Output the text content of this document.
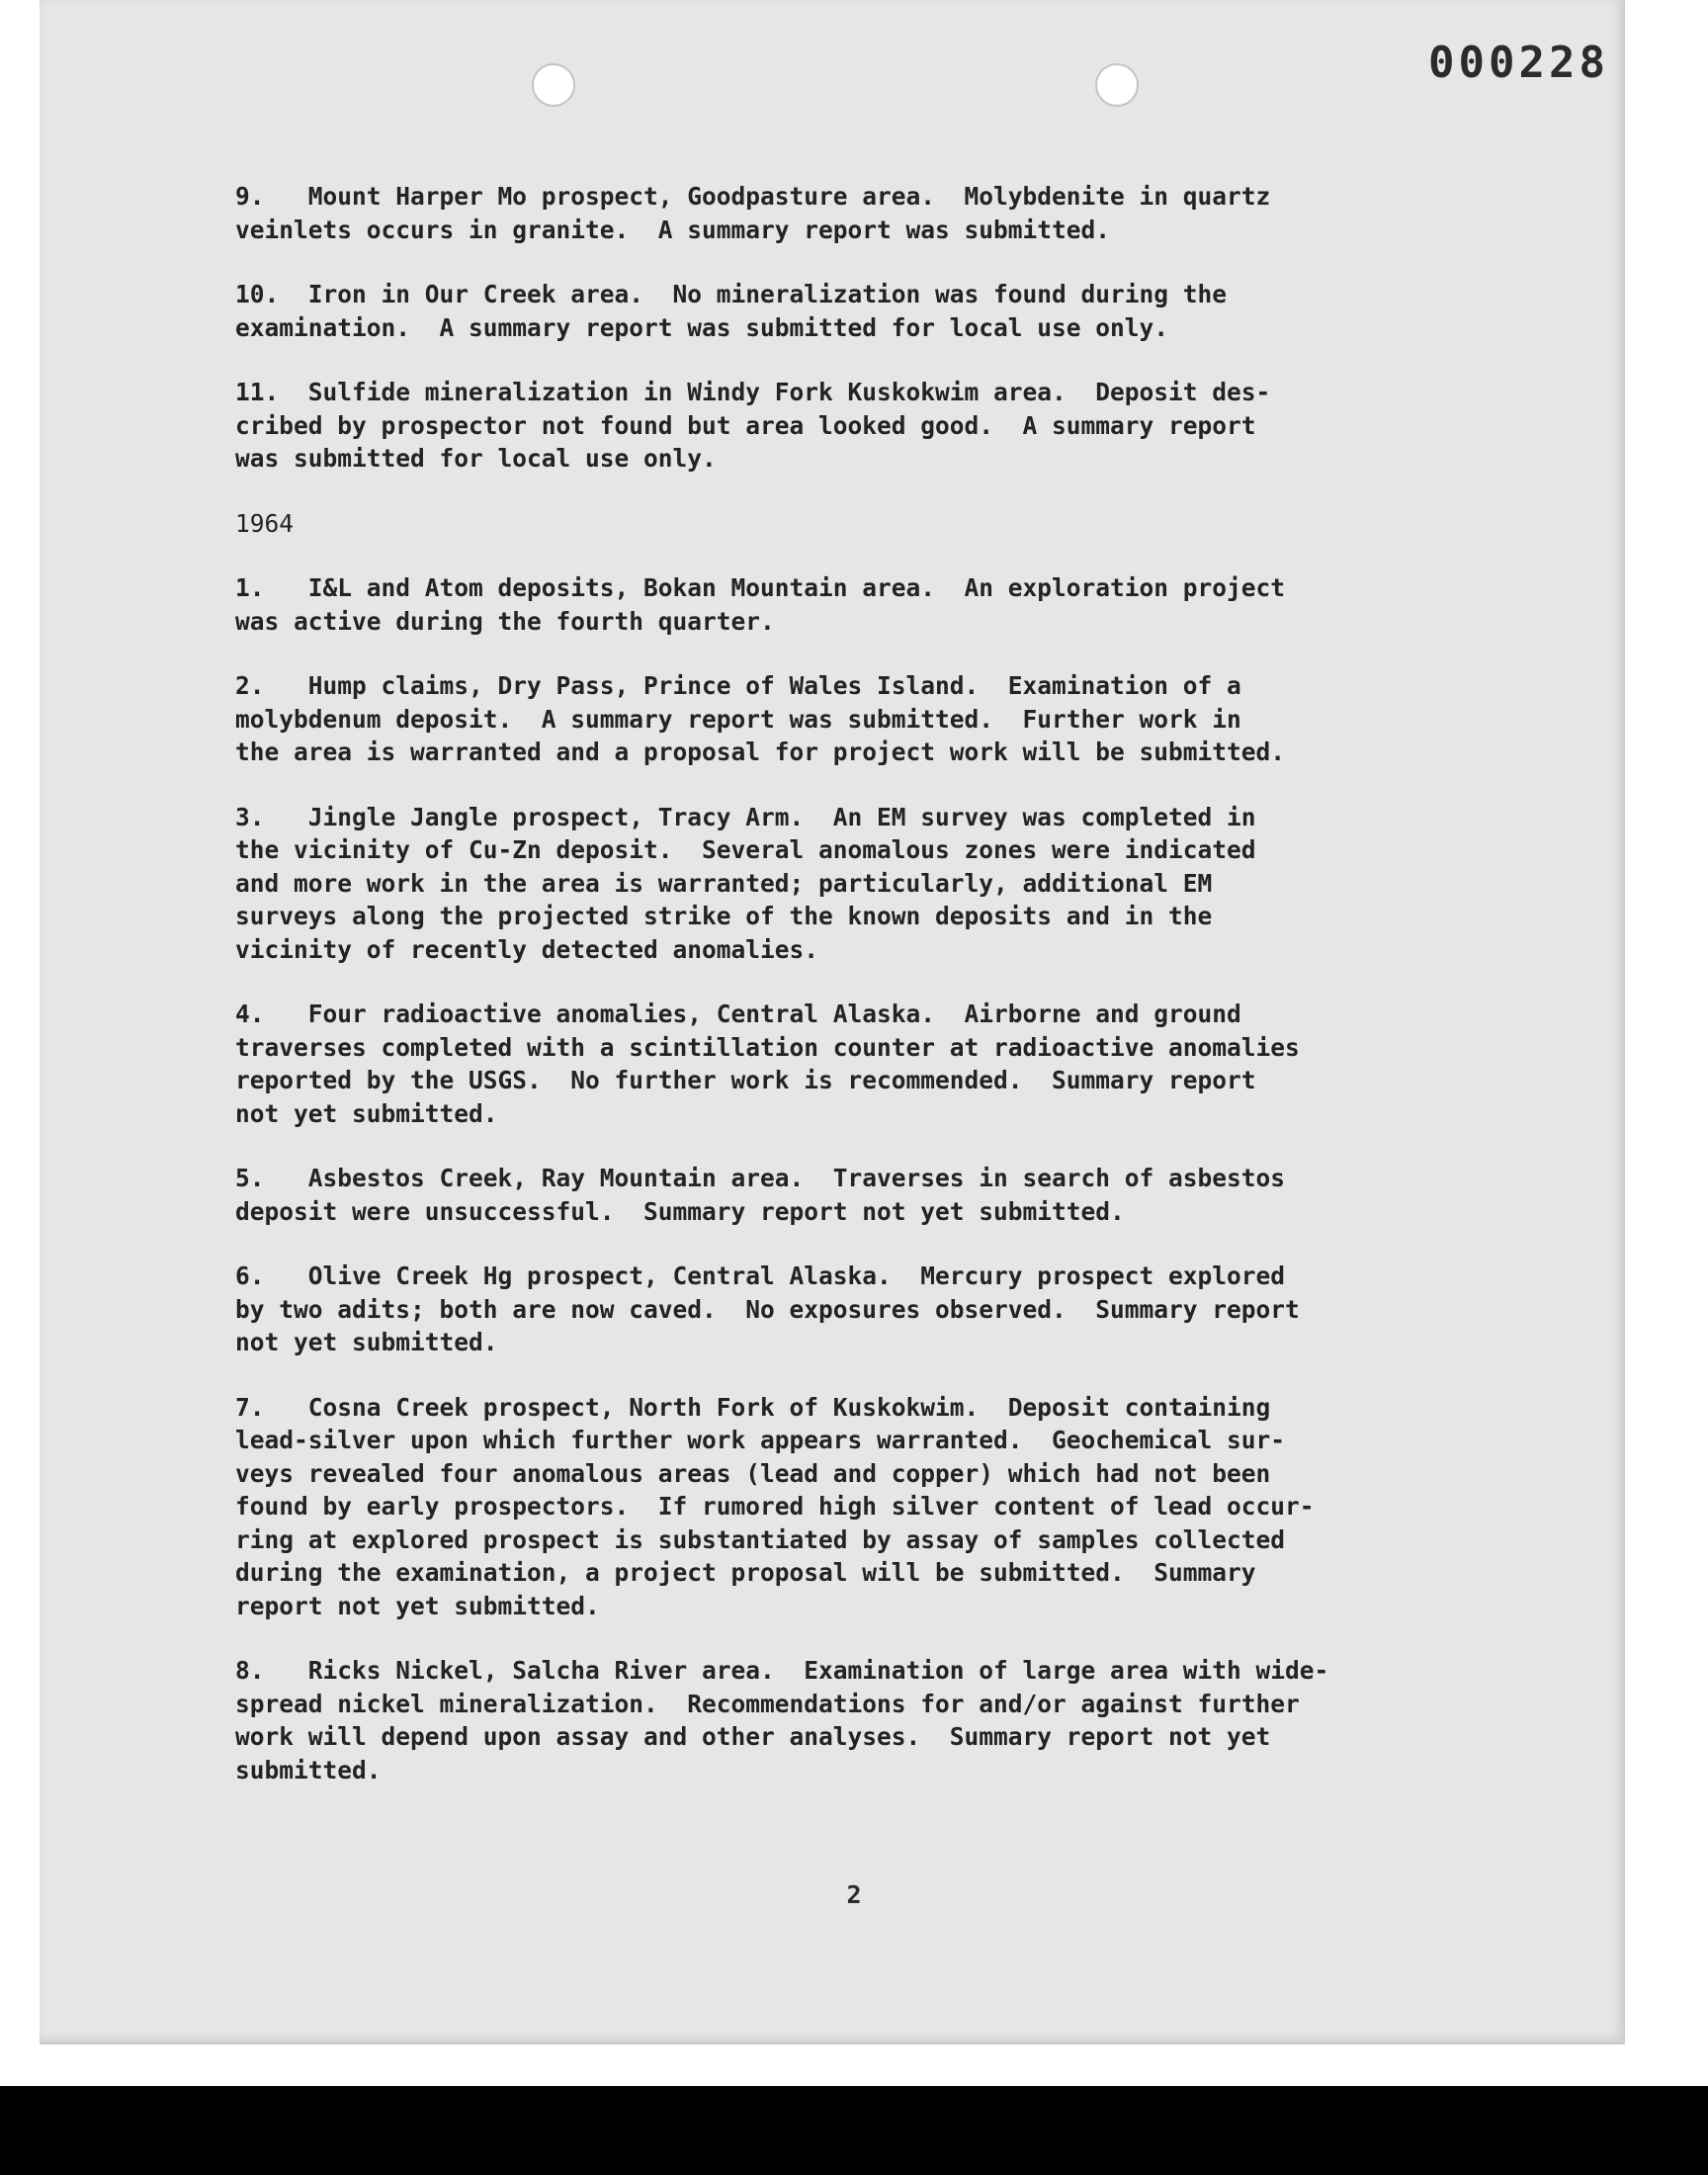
000228
9.   Mount Harper Mo prospect, Goodpasture area.  Molybdenite in quartz
veinlets occurs in granite.  A summary report was submitted.
10.  Iron in Our Creek area.  No mineralization was found during the
examination.  A summary report was submitted for local use only.
11.  Sulfide mineralization in Windy Fork Kuskokwim area.  Deposit des-
cribed by prospector not found but area looked good.  A summary report
was submitted for local use only.
1964
1.   I&L and Atom deposits, Bokan Mountain area.  An exploration project
was active during the fourth quarter.
2.   Hump claims, Dry Pass, Prince of Wales Island.  Examination of a
molybdenum deposit.  A summary report was submitted.  Further work in
the area is warranted and a proposal for project work will be submitted.
3.   Jingle Jangle prospect, Tracy Arm.  An EM survey was completed in
the vicinity of Cu-Zn deposit.  Several anomalous zones were indicated
and more work in the area is warranted; particularly, additional EM
surveys along the projected strike of the known deposits and in the
vicinity of recently detected anomalies.
4.   Four radioactive anomalies, Central Alaska.  Airborne and ground
traverses completed with a scintillation counter at radioactive anomalies
reported by the USGS.  No further work is recommended.  Summary report
not yet submitted.
5.   Asbestos Creek, Ray Mountain area.  Traverses in search of asbestos
deposit were unsuccessful.  Summary report not yet submitted.
6.   Olive Creek Hg prospect, Central Alaska.  Mercury prospect explored
by two adits; both are now caved.  No exposures observed.  Summary report
not yet submitted.
7.   Cosna Creek prospect, North Fork of Kuskokwim.  Deposit containing
lead-silver upon which further work appears warranted.  Geochemical sur-
veys revealed four anomalous areas (lead and copper) which had not been
found by early prospectors.  If rumored high silver content of lead occur-
ring at explored prospect is substantiated by assay of samples collected
during the examination, a project proposal will be submitted.  Summary
report not yet submitted.
8.   Ricks Nickel, Salcha River area.  Examination of large area with wide-
spread nickel mineralization.  Recommendations for and/or against further
work will depend upon assay and other analyses.  Summary report not yet
submitted.
2
